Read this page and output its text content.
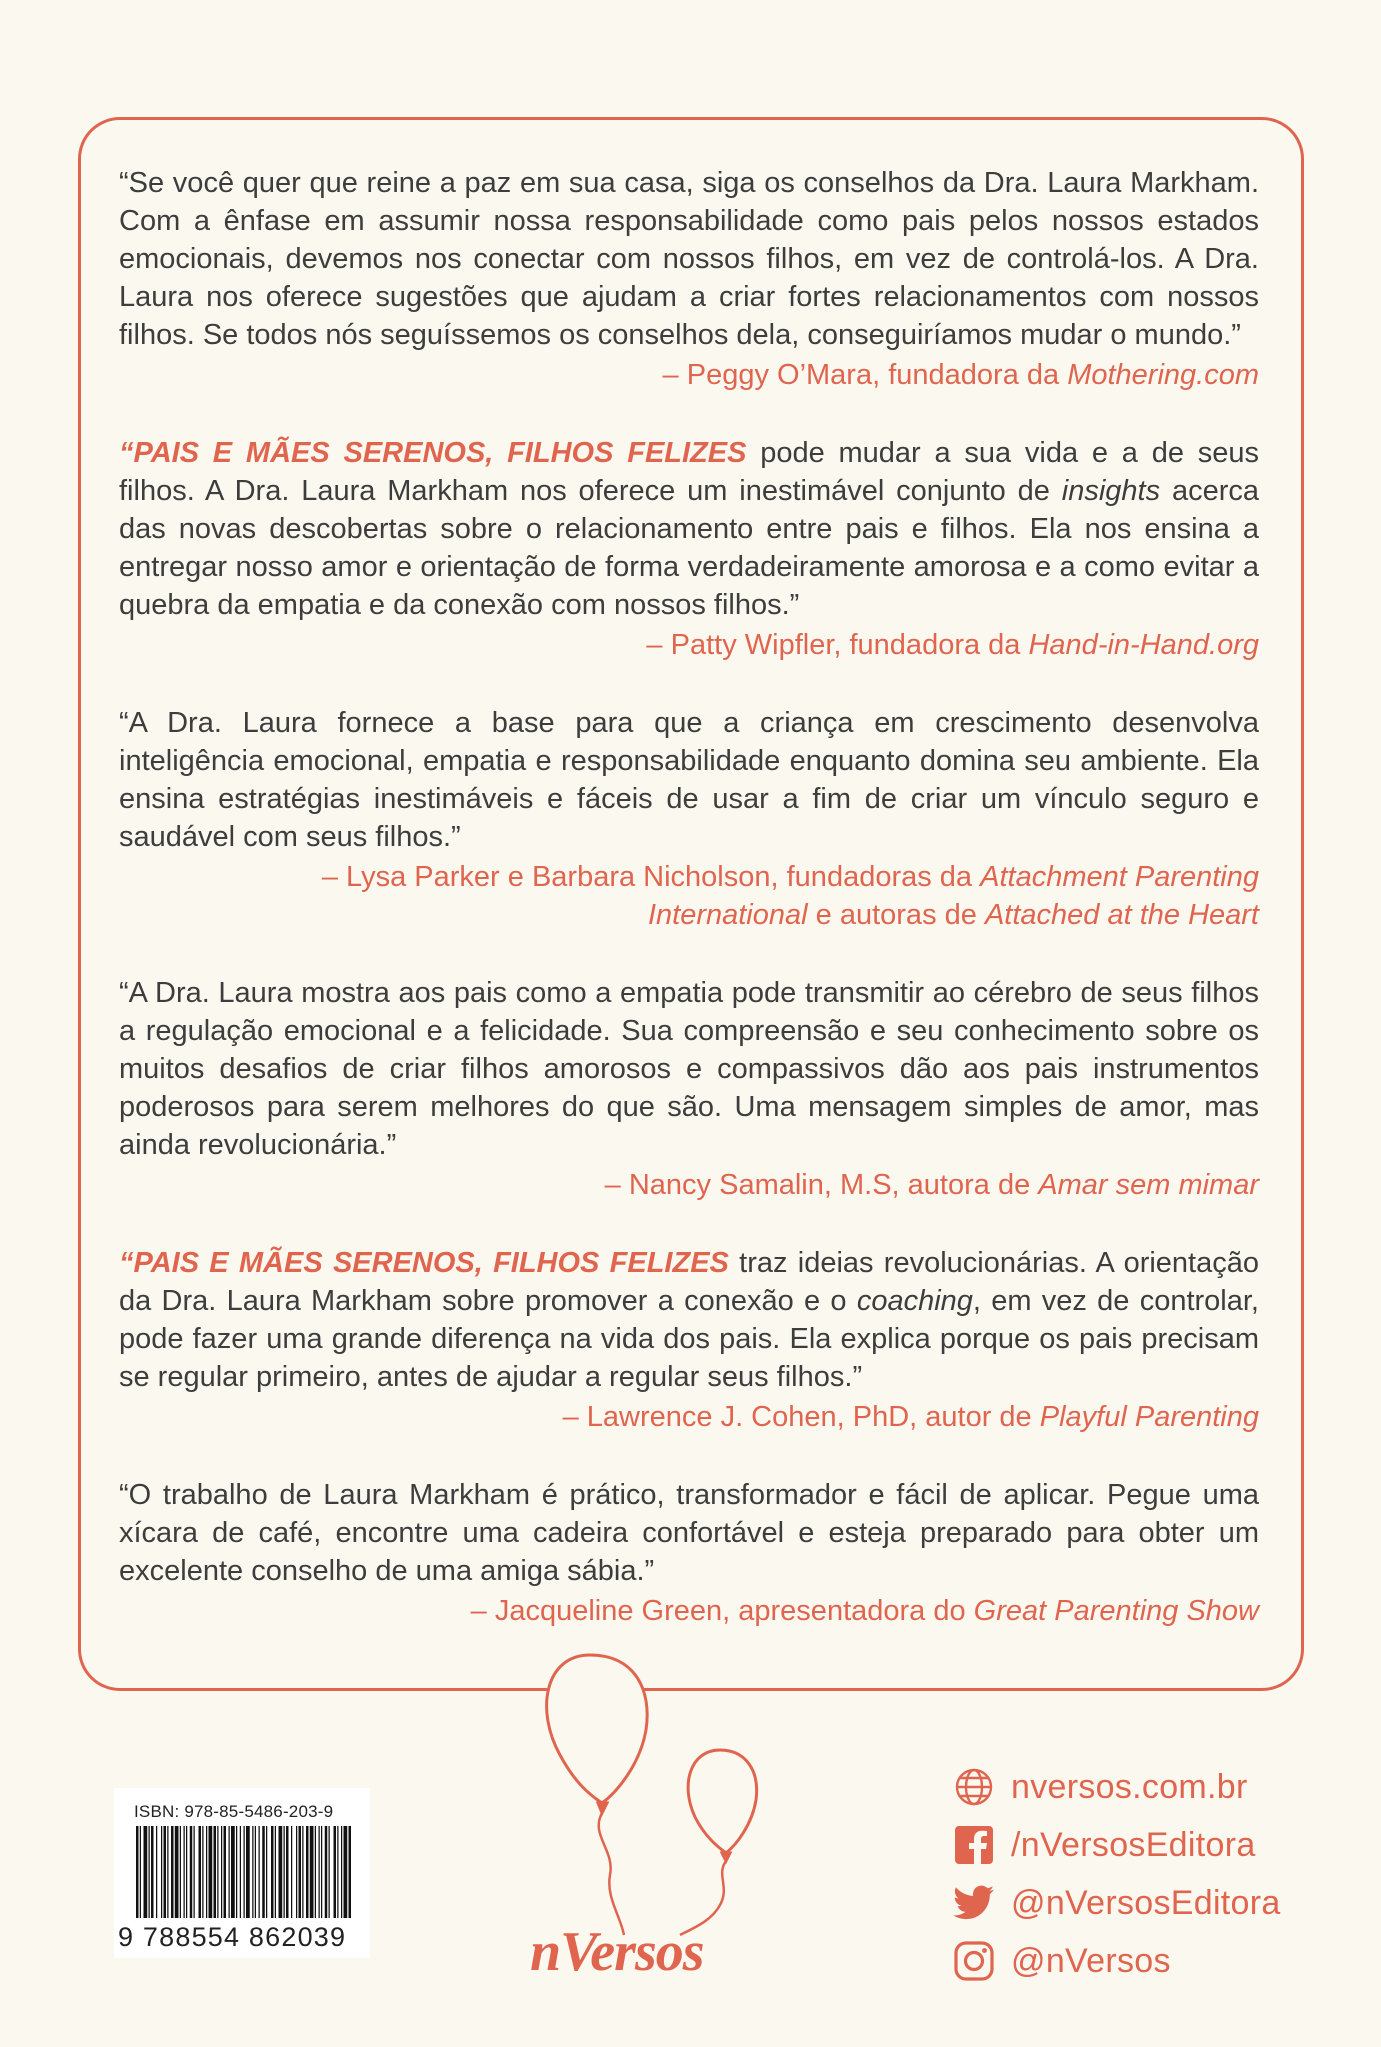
“Se você quer que reine a paz em sua casa, siga os conselhos da Dra. Laura Markham. Com a ênfase em assumir nossa responsabilidade como pais pelos nossos estados emocionais, devemos nos conectar com nossos filhos, em vez de controlá-los. A Dra. Laura nos oferece sugestões que ajudam a criar fortes relacionamentos com nossos filhos. Se todos nós seguíssemos os conselhos dela, conseguiríamos mudar o mundo.”

– Peggy O’Mara, fundadora da Mothering.com

“PAIS E MÃES SERENOS, FILHOS FELIZES pode mudar a sua vida e a de seus filhos. A Dra. Laura Markham nos oferece um inestimável conjunto de insights acerca das novas descobertas sobre o relacionamento entre pais e filhos. Ela nos ensina a entregar nosso amor e orientação de forma verdadeiramente amorosa e a como evitar a quebra da empatia e da conexão com nossos filhos.”

– Patty Wipfler, fundadora da Hand-in-Hand.org

“A Dra. Laura fornece a base para que a criança em crescimento desenvolva inteligência emocional, empatia e responsabilidade enquanto domina seu ambiente. Ela ensina estratégias inestimáveis e fáceis de usar a fim de criar um vínculo seguro e saudável com seus filhos.”

– Lysa Parker e Barbara Nicholson, fundadoras da Attachment Parenting International e autoras de Attached at the Heart

“A Dra. Laura mostra aos pais como a empatia pode transmitir ao cérebro de seus filhos a regulação emocional e a felicidade. Sua compreensão e seu conhecimento sobre os muitos desafios de criar filhos amorosos e compassivos dão aos pais instrumentos poderosos para serem melhores do que são. Uma mensagem simples de amor, mas ainda revolucionária.”

– Nancy Samalin, M.S, autora de Amar sem mimar

“PAIS E MÃES SERENOS, FILHOS FELIZES traz ideias revolucionárias. A orientação da Dra. Laura Markham sobre promover a conexão e o coaching, em vez de controlar, pode fazer uma grande diferença na vida dos pais. Ela explica porque os pais precisam se regular primeiro, antes de ajudar a regular seus filhos.”

– Lawrence J. Cohen, PhD, autor de Playful Parenting

“O trabalho de Laura Markham é prático, transformador e fácil de aplicar. Pegue uma xícara de café, encontre uma cadeira confortável e esteja preparado para obter um excelente conselho de uma amiga sábia.”

– Jacqueline Green, apresentadora do Great Parenting Show
ISBN: 978-85-5486-203-9
9 788554 862039	nVersos
nversos.com.br
/nVersosEditora
@nVersosEditora
@nVersos
